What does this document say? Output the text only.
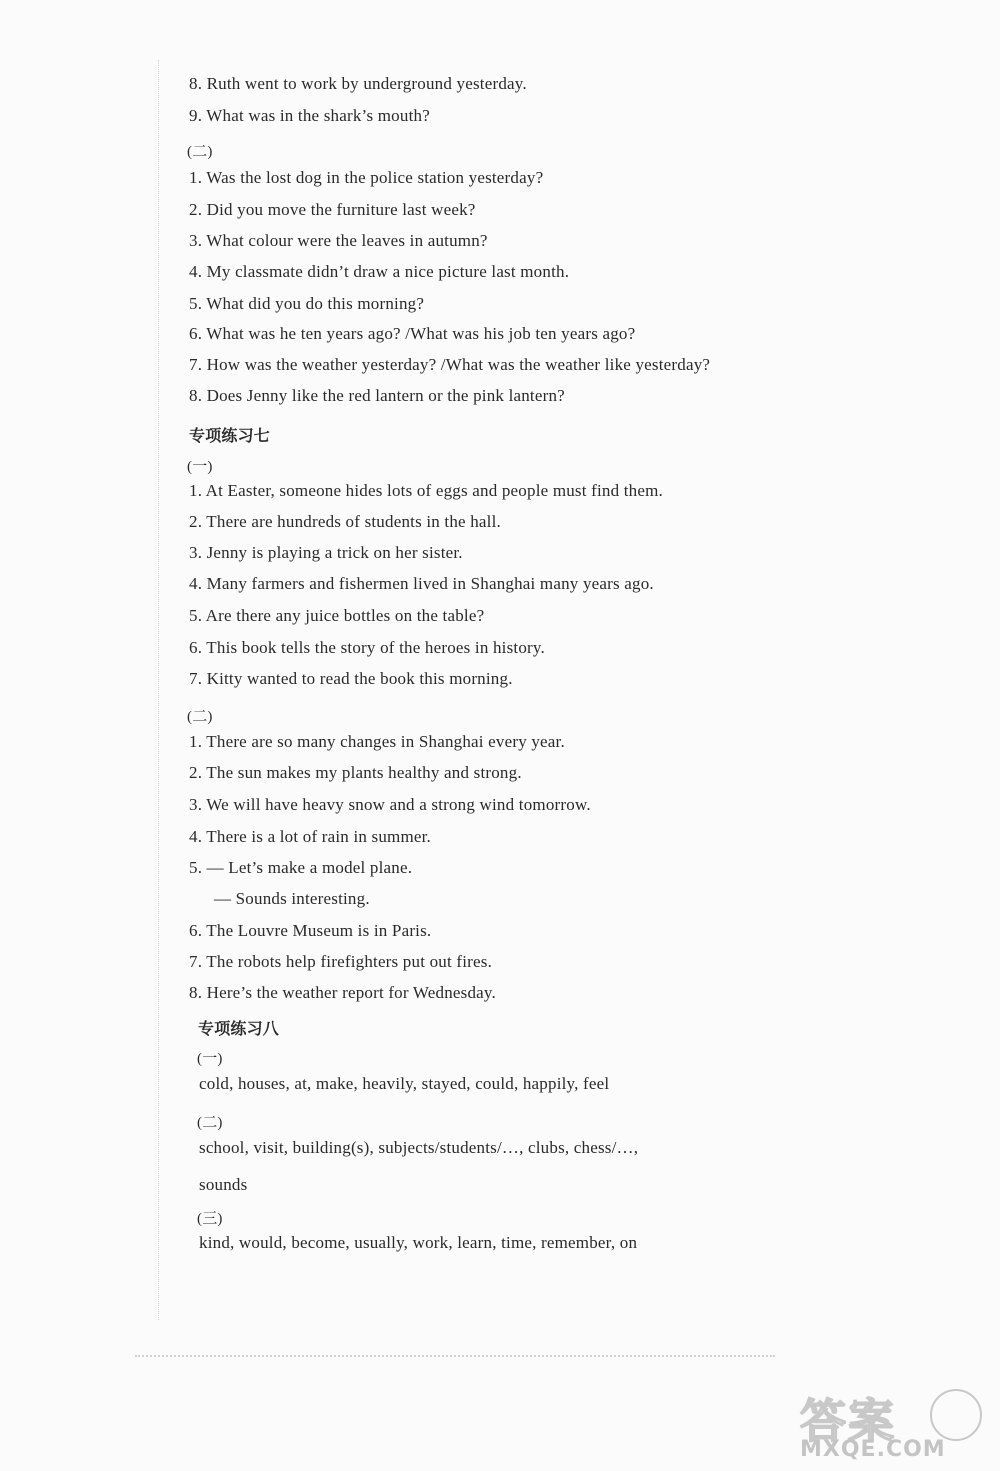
8. Ruth went to work by underground yesterday.
9. What was in the shark’s mouth?
(二)
1. Was the lost dog in the police station yesterday?
2. Did you move the furniture last week?
3. What colour were the leaves in autumn?
4. My classmate didn’t draw a nice picture last month.
5. What did you do this morning?
6. What was he ten years ago? /What was his job ten years ago?
7. How was the weather yesterday? /What was the weather like yesterday?
8. Does Jenny like the red lantern or the pink lantern?
专项练习七
(一)
1. At Easter, someone hides lots of eggs and people must find them.
2. There are hundreds of students in the hall.
3. Jenny is playing a trick on her sister.
4. Many farmers and fishermen lived in Shanghai many years ago.
5. Are there any juice bottles on the table?
6. This book tells the story of the heroes in history.
7. Kitty wanted to read the book this morning.
(二)
1. There are so many changes in Shanghai every year.
2. The sun makes my plants healthy and strong.
3. We will have heavy snow and a strong wind tomorrow.
4. There is a lot of rain in summer.
5. — Let’s make a model plane.
— Sounds interesting.
6. The Louvre Museum is in Paris.
7. The robots help firefighters put out fires.
8. Here’s the weather report for Wednesday.
专项练习八
(一)
cold, houses, at, make, heavily, stayed, could, happily, feel
(二)
school, visit, building(s), subjects/students/…, clubs, chess/…,
sounds
(三)
kind, would, become, usually, work, learn, time, remember, on
答案
MXQE.COM
